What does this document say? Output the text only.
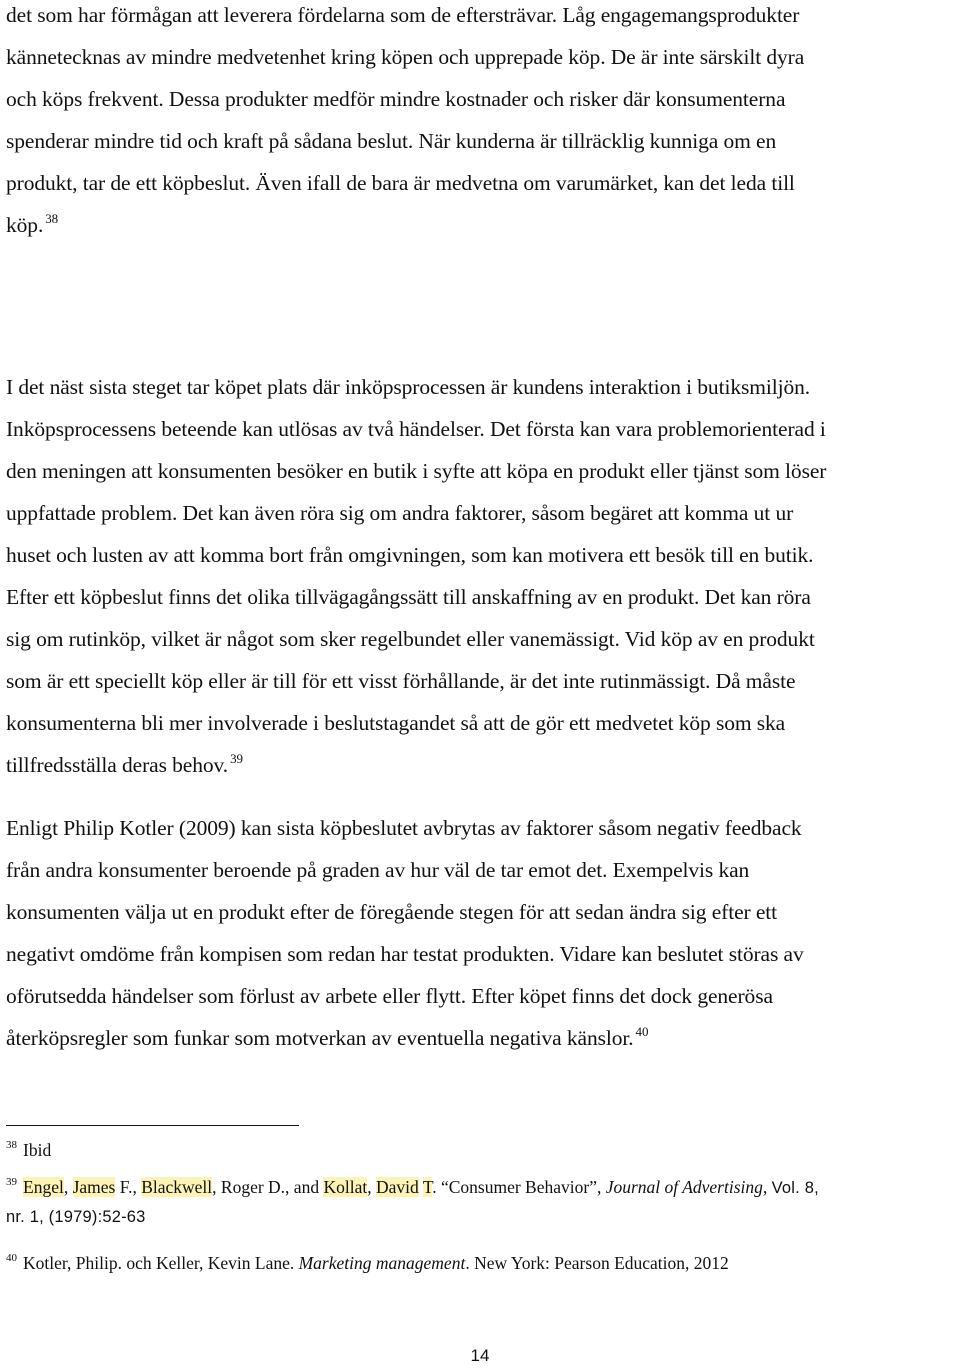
det som har förmågan att leverera fördelarna som de eftersträvar. Låg engagemangsprodukter
kännetecknas av mindre medvetenhet kring köpen och upprepade köp. De är inte särskilt dyra
och köps frekvent. Dessa produkter medför mindre kostnader och risker där konsumenterna
spenderar mindre tid och kraft på sådana beslut. När kunderna är tillräcklig kunniga om en
produkt, tar de ett köpbeslut. Även ifall de bara är medvetna om varumärket, kan det leda till
köp. $^{38}$

I det näst sista steget tar köpet plats där inköpsprocessen är kundens interaktion i butiksmiljön.
Inköpsprocessens beteende kan utlösas av två händelser. Det första kan vara problemorienterad i
den meningen att konsumenten besöker en butik i syfte att köpa en produkt eller tjänst som löser
uppfattade problem. Det kan även röra sig om andra faktorer, såsom begäret att komma ut ur
huset och lusten av att komma bort från omgivningen, som kan motivera ett besök till en butik.
Efter ett köpbeslut finns det olika tillvägagångssätt till anskaffning av en produkt. Det kan röra
sig om rutinköp, vilket är något som sker regelbundet eller vanemässigt. Vid köp av en produkt
som är ett speciellt köp eller är till för ett visst förhållande, är det inte rutinmässigt. Då måste
konsumenterna bli mer involverade i beslutstagandet så att de gör ett medvetet köp som ska
tillfredsställa deras behov. $^{39}$

Enligt Philip Kotler (2009) kan sista köpbeslutet avbrytas av faktorer såsom negativ feedback
från andra konsumenter beroende på graden av hur väl de tar emot det. Exempelvis kan
konsumenten välja ut en produkt efter de föregående stegen för att sedan ändra sig efter ett
negativt omdöme från kompisen som redan har testat produkten. Vidare kan beslutet störas av
oförutsedda händelser som förlust av arbete eller flytt. Efter köpet finns det dock generösa
återköpsregler som funkar som motverkan av eventuella negativa känslor. $^{40}$

$^{38}$ Ibid

$^{39}$ Engel, James F., Blackwell, Roger D., and Kollat, David T. “Consumer Behavior”, Journal of Advertising, Vol. 8,
nr. 1, (1979):52-63

$^{40}$ Kotler, Philip. och Keller, Kevin Lane. Marketing management. New York: Pearson Education, 2012

14
